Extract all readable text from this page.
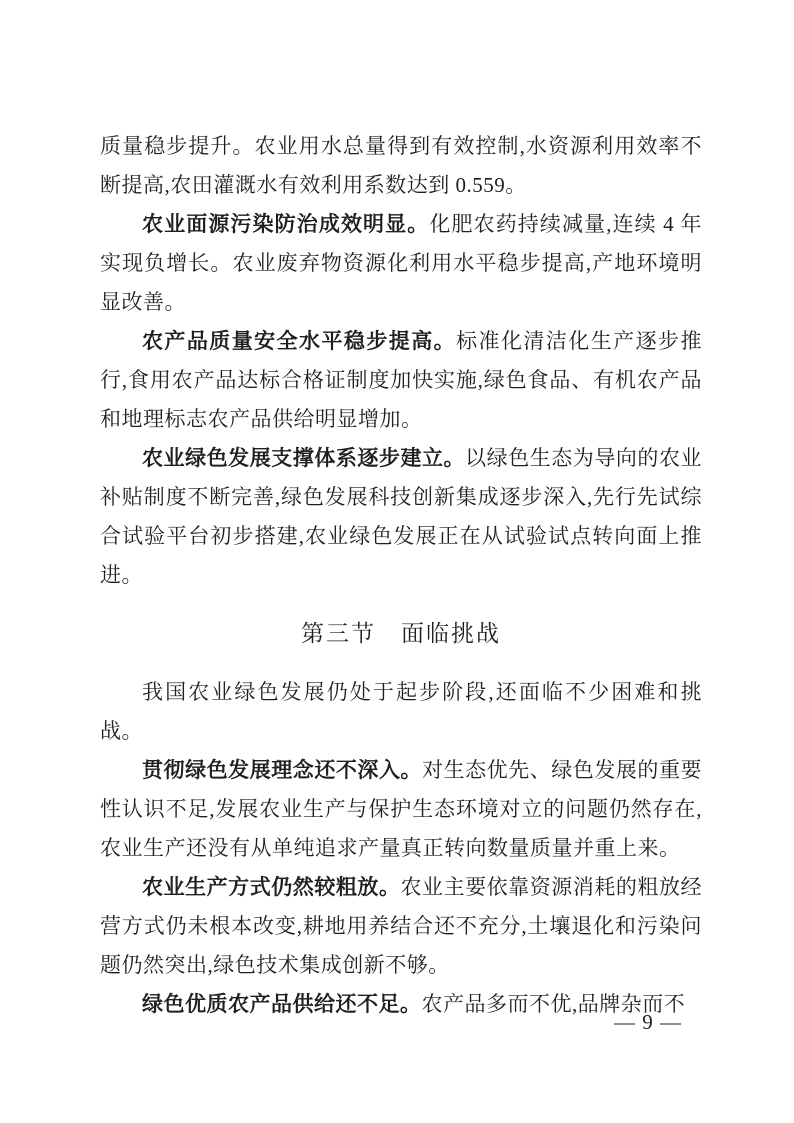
质量稳步提升。农业用水总量得到有效控制,水资源利用效率不断提高,农田灌溉水有效利用系数达到 0.559。

农业面源污染防治成效明显。化肥农药持续减量,连续 4 年实现负增长。农业废弃物资源化利用水平稳步提高,产地环境明显改善。

农产品质量安全水平稳步提高。标准化清洁化生产逐步推行,食用农产品达标合格证制度加快实施,绿色食品、有机农产品和地理标志农产品供给明显增加。

农业绿色发展支撑体系逐步建立。以绿色生态为导向的农业补贴制度不断完善,绿色发展科技创新集成逐步深入,先行先试综合试验平台初步搭建,农业绿色发展正在从试验试点转向面上推进。

第三节　面临挑战

我国农业绿色发展仍处于起步阶段,还面临不少困难和挑战。

贯彻绿色发展理念还不深入。对生态优先、绿色发展的重要性认识不足,发展农业生产与保护生态环境对立的问题仍然存在,农业生产还没有从单纯追求产量真正转向数量质量并重上来。

农业生产方式仍然较粗放。农业主要依靠资源消耗的粗放经营方式仍未根本改变,耕地用养结合还不充分,土壤退化和污染问题仍然突出,绿色技术集成创新不够。

绿色优质农产品供给还不足。农产品多而不优,品牌杂而不

— 9 —
